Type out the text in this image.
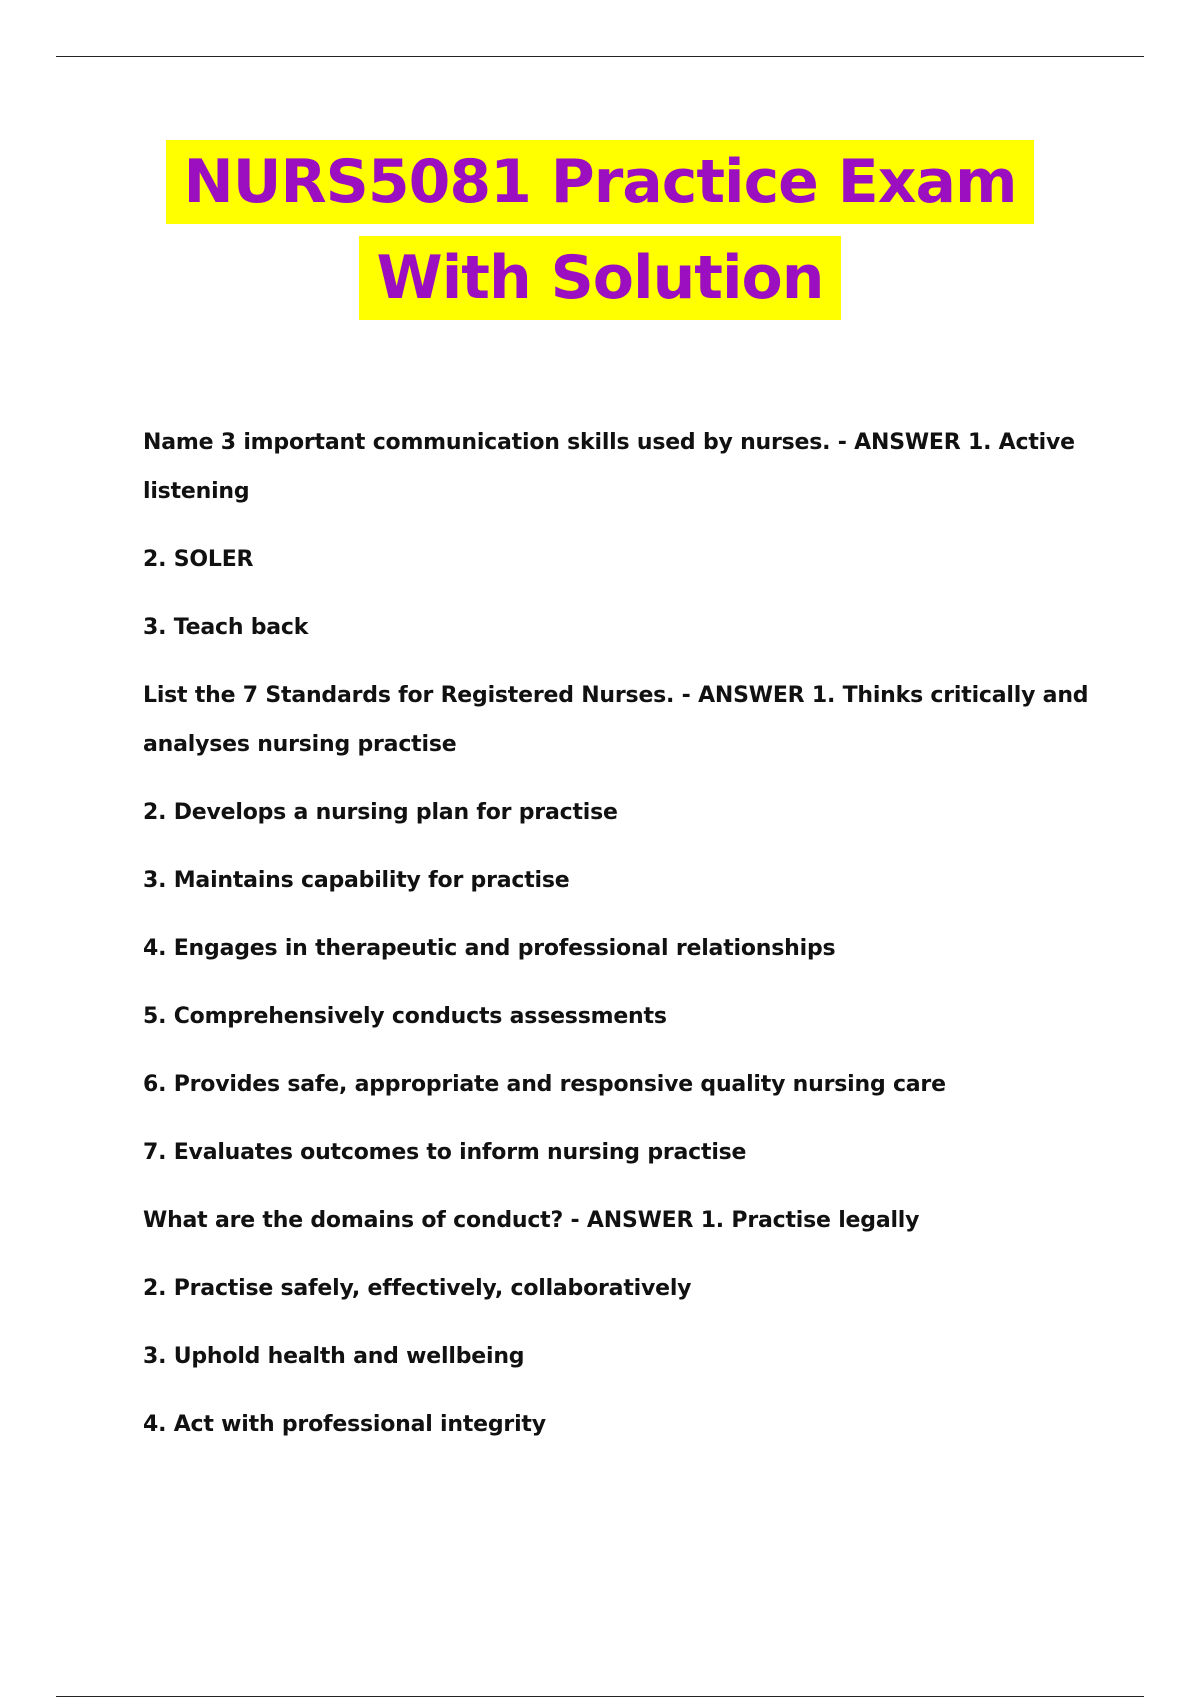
NURS5081 Practice Exam
With Solution

Name 3 important communication skills used by nurses. - ANSWER 1. Active listening

2. SOLER

3. Teach back

List the 7 Standards for Registered Nurses. - ANSWER 1. Thinks critically and analyses nursing practise

2. Develops a nursing plan for practise

3. Maintains capability for practise

4. Engages in therapeutic and professional relationships

5. Comprehensively conducts assessments

6. Provides safe, appropriate and responsive quality nursing care

7. Evaluates outcomes to inform nursing practise

What are the domains of conduct? - ANSWER 1. Practise legally

2. Practise safely, effectively, collaboratively

3. Uphold health and wellbeing

4. Act with professional integrity
